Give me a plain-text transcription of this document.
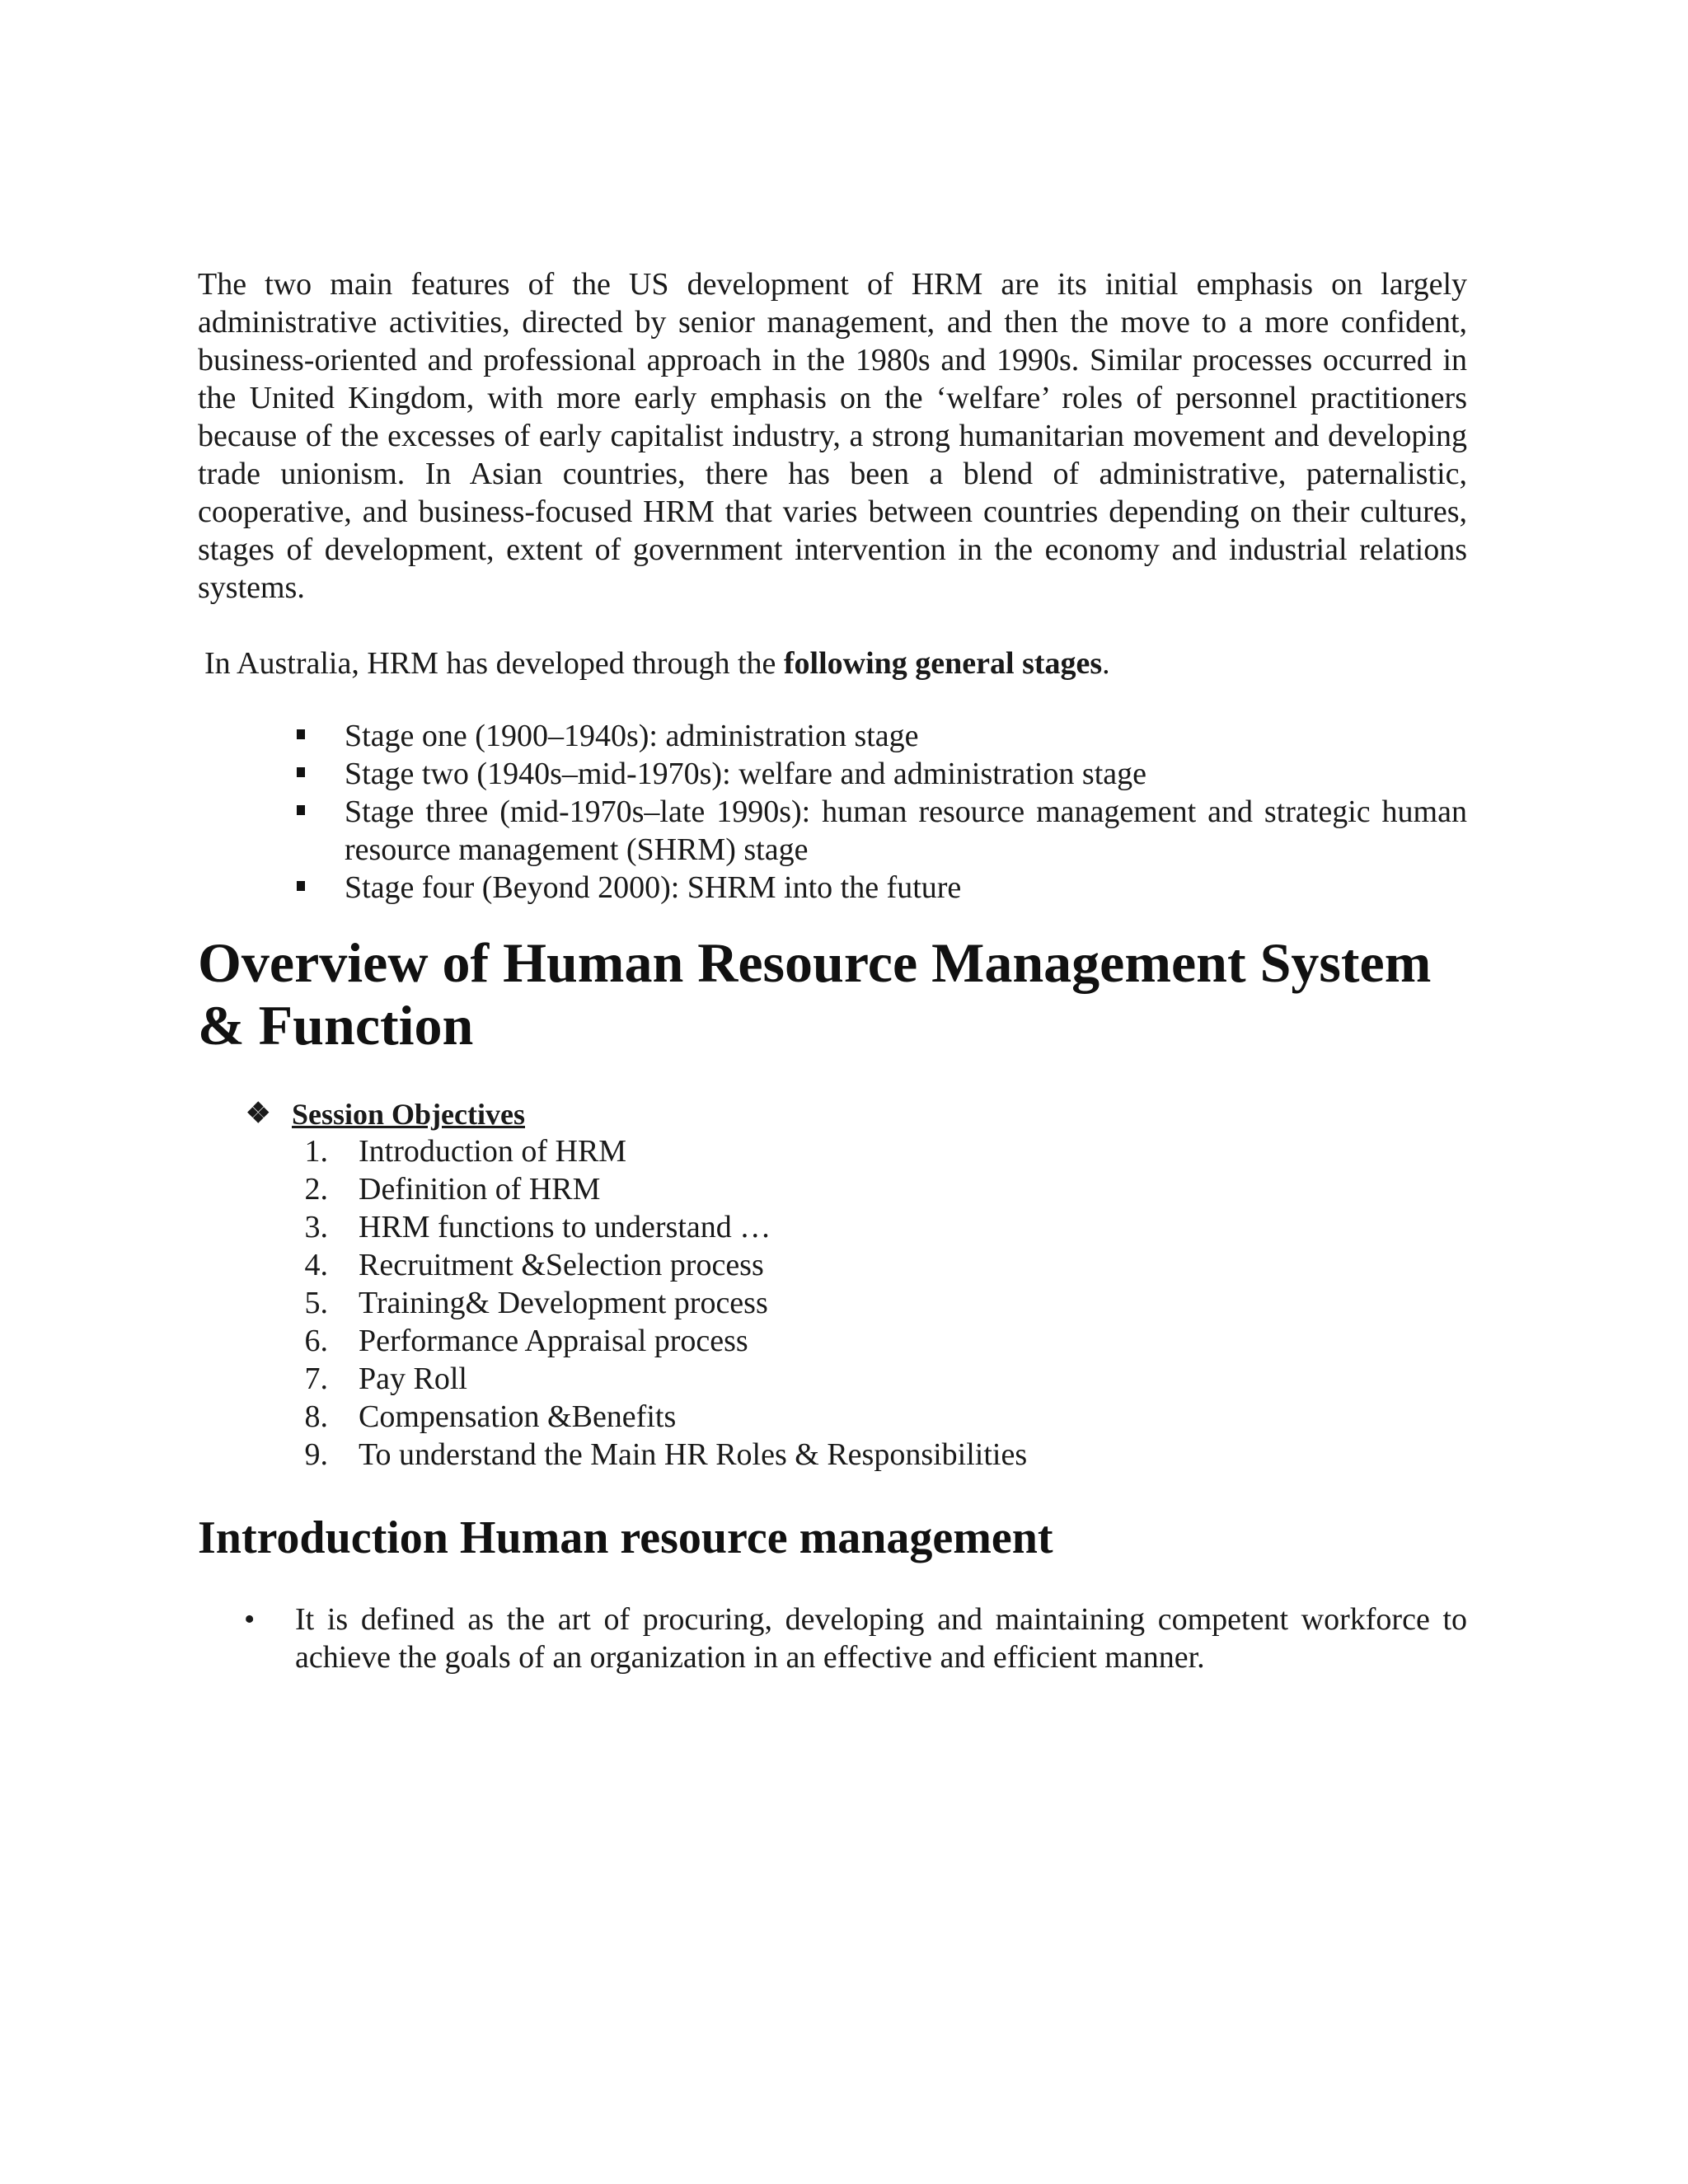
The two main features of the US development of HRM are its initial emphasis on largely administrative activities, directed by senior management, and then the move to a more confident, business-oriented and professional approach in the 1980s and 1990s. Similar processes occurred in the United Kingdom, with more early emphasis on the ‘welfare’ roles of personnel practitioners because of the excesses of early capitalist industry, a strong humanitarian movement and developing trade unionism. In Asian countries, there has been a blend of administrative, paternalistic, cooperative, and business-focused HRM that varies between countries depending on their cultures, stages of development, extent of government intervention in the economy and industrial relations systems.

In Australia, HRM has developed through the following general stages.

Stage one (1900–1940s): administration stage
Stage two (1940s–mid-1970s): welfare and administration stage
Stage three (mid-1970s–late 1990s): human resource management and strategic human resource management (SHRM) stage
Stage four (Beyond 2000): SHRM into the future
Overview of Human Resource Management System & Function
❖ Session Objectives
1. Introduction of HRM
2. Definition of HRM
3. HRM functions to understand …
4. Recruitment &Selection process
5. Training& Development process
6. Performance Appraisal process
7. Pay Roll
8. Compensation &Benefits
9. To understand the Main HR Roles & Responsibilities
Introduction Human resource management
• It is defined as the art of procuring, developing and maintaining competent workforce to achieve the goals of an organization in an effective and efficient manner.
